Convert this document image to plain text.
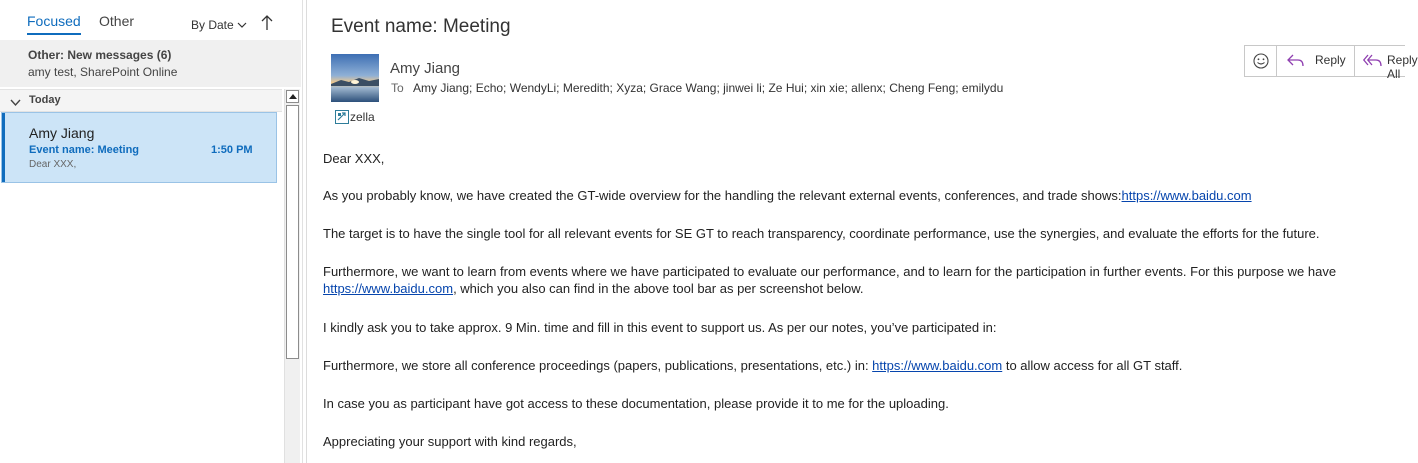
Focused Other	By Date
Other: New messages (6)
amy test, SharePoint Online
Today
Amy Jiang
Event name: Meeting	1:50 PM
Dear XXX,
Event name: Meeting
Amy Jiang
To Amy Jiang; Echo; WendyLi; Meredith; Xyza; Grace Wang; jinwei li; Ze Hui; xin xie; allenx; Cheng Feng; emilydu
zella
Reply	Reply All

Dear XXX,

As you probably know, we have created the GT-wide overview for the handling the relevant external events, conferences, and trade shows:https://www.baidu.com

The target is to have the single tool for all relevant events for SE GT to reach transparency, coordinate performance, use the synergies, and evaluate the efforts for the future.

Furthermore, we want to learn from events where we have participated to evaluate our performance, and to learn for the participation in further events. For this purpose we have
https://www.baidu.com, which you also can find in the above tool bar as per screenshot below.

I kindly ask you to take approx. 9 Min. time and fill in this event to support us. As per our notes, you’ve participated in:

Furthermore, we store all conference proceedings (papers, publications, presentations, etc.) in: https://www.baidu.com to allow access for all GT staff.

In case you as participant have got access to these documentation, please provide it to me for the uploading.

Appreciating your support with kind regards,
